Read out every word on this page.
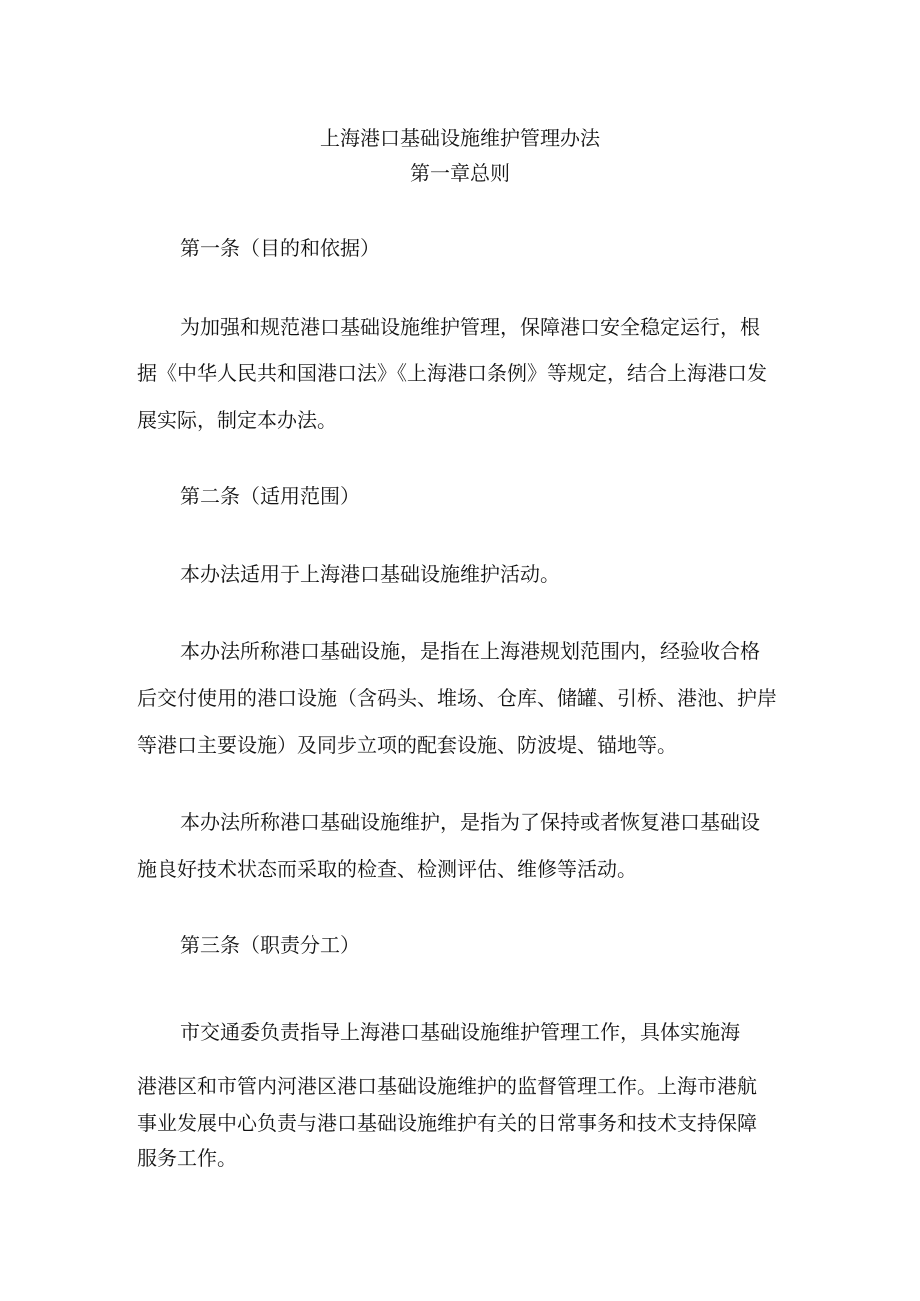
上海港口基础设施维护管理办法
第一章总则
第一条（目的和依据）
为加强和规范港口基础设施维护管理，保障港口安全稳定运行，根
据《中华人民共和国港口法》《上海港口条例》等规定，结合上海港口发
展实际，制定本办法。
第二条（适用范围）
本办法适用于上海港口基础设施维护活动。
本办法所称港口基础设施，是指在上海港规划范围内，经验收合格
后交付使用的港口设施（含码头、堆场、仓库、储罐、引桥、港池、护岸
等港口主要设施）及同步立项的配套设施、防波堤、锚地等。
本办法所称港口基础设施维护，是指为了保持或者恢复港口基础设
施良好技术状态而采取的检查、检测评估、维修等活动。
第三条（职责分工）
市交通委负责指导上海港口基础设施维护管理工作，具体实施海
港港区和市管内河港区港口基础设施维护的监督管理工作。上海市港航
事业发展中心负责与港口基础设施维护有关的日常事务和技术支持保障
服务工作。
